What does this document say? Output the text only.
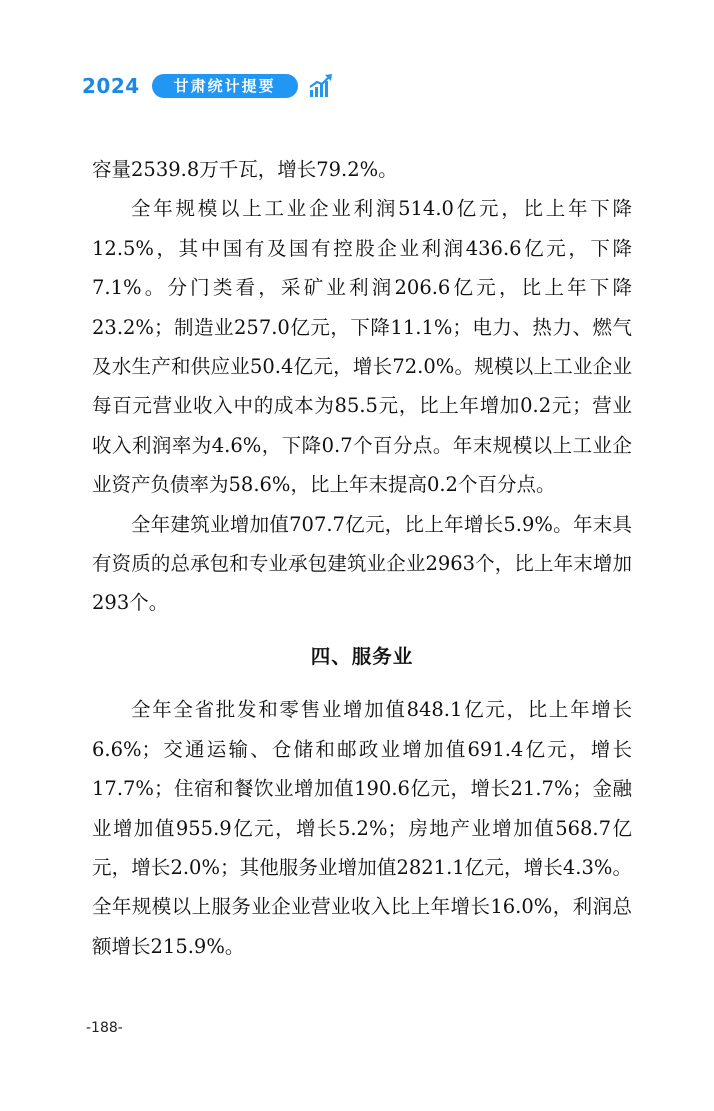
2024	甘肃统计提要

容量2539.8万千瓦，增长79.2%。

全年规模以上工业企业利润514.0亿元，比上年下降12.5%，其中国有及国有控股企业利润436.6亿元，下降7.1%。分门类看，采矿业利润206.6亿元，比上年下降23.2%；制造业257.0亿元，下降11.1%；电力、热力、燃气及水生产和供应业50.4亿元，增长72.0%。规模以上工业企业每百元营业收入中的成本为85.5元，比上年增加0.2元；营业收入利润率为4.6%，下降0.7个百分点。年末规模以上工业企业资产负债率为58.6%，比上年末提高0.2个百分点。

全年建筑业增加值707.7亿元，比上年增长5.9%。年末具有资质的总承包和专业承包建筑业企业2963个，比上年末增加293个。

四、服务业

全年全省批发和零售业增加值848.1亿元，比上年增长6.6%；交通运输、仓储和邮政业增加值691.4亿元，增长17.7%；住宿和餐饮业增加值190.6亿元，增长21.7%；金融业增加值955.9亿元，增长5.2%；房地产业增加值568.7亿元，增长2.0%；其他服务业增加值2821.1亿元，增长4.3%。全年规模以上服务业企业营业收入比上年增长16.0%，利润总额增长215.9%。

-188-
